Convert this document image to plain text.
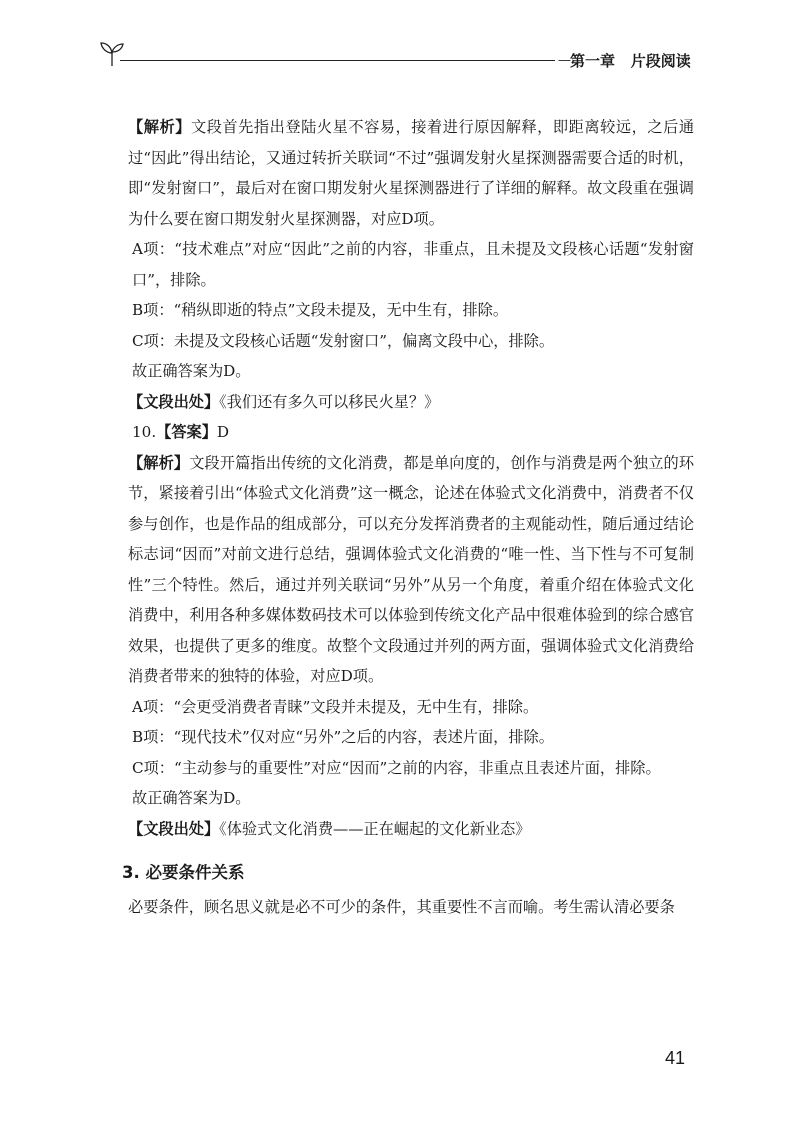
— 第一章 片段阅读

【解析】文段首先指出登陆火星不容易，接着进行原因解释，即距离较远，之后通过“因此”得出结论，又通过转折关联词“不过”强调发射火星探测器需要合适的时机，即“发射窗口”，最后对在窗口期发射火星探测器进行了详细的解释。故文段重在强调为什么要在窗口期发射火星探测器，对应D项。

A项：“技术难点”对应“因此”之前的内容，非重点，且未提及文段核心话题“发射窗口”，排除。

B项：“稍纵即逝的特点”文段未提及，无中生有，排除。

C项：未提及文段核心话题“发射窗口”，偏离文段中心，排除。

故正确答案为D。

【文段出处】《我们还有多久可以移民火星？》

10.【答案】D

【解析】文段开篇指出传统的文化消费，都是单向度的，创作与消费是两个独立的环节，紧接着引出“体验式文化消费”这一概念，论述在体验式文化消费中，消费者不仅参与创作，也是作品的组成部分，可以充分发挥消费者的主观能动性，随后通过结论标志词“因而”对前文进行总结，强调体验式文化消费的“唯一性、当下性与不可复制性”三个特性。然后，通过并列关联词“另外”从另一个角度，着重介绍在体验式文化消费中，利用各种多媒体数码技术可以体验到传统文化产品中很难体验到的综合感官效果，也提供了更多的维度。故整个文段通过并列的两方面，强调体验式文化消费给消费者带来的独特的体验，对应D项。

A项：“会更受消费者青睐”文段并未提及，无中生有，排除。

B项：“现代技术”仅对应“另外”之后的内容，表述片面，排除。

C项：“主动参与的重要性”对应“因而”之前的内容，非重点且表述片面，排除。

故正确答案为D。

【文段出处】《体验式文化消费——正在崛起的文化新业态》

3. 必要条件关系

必要条件，顾名思义就是必不可少的条件，其重要性不言而喻。考生需认清必要条

41
